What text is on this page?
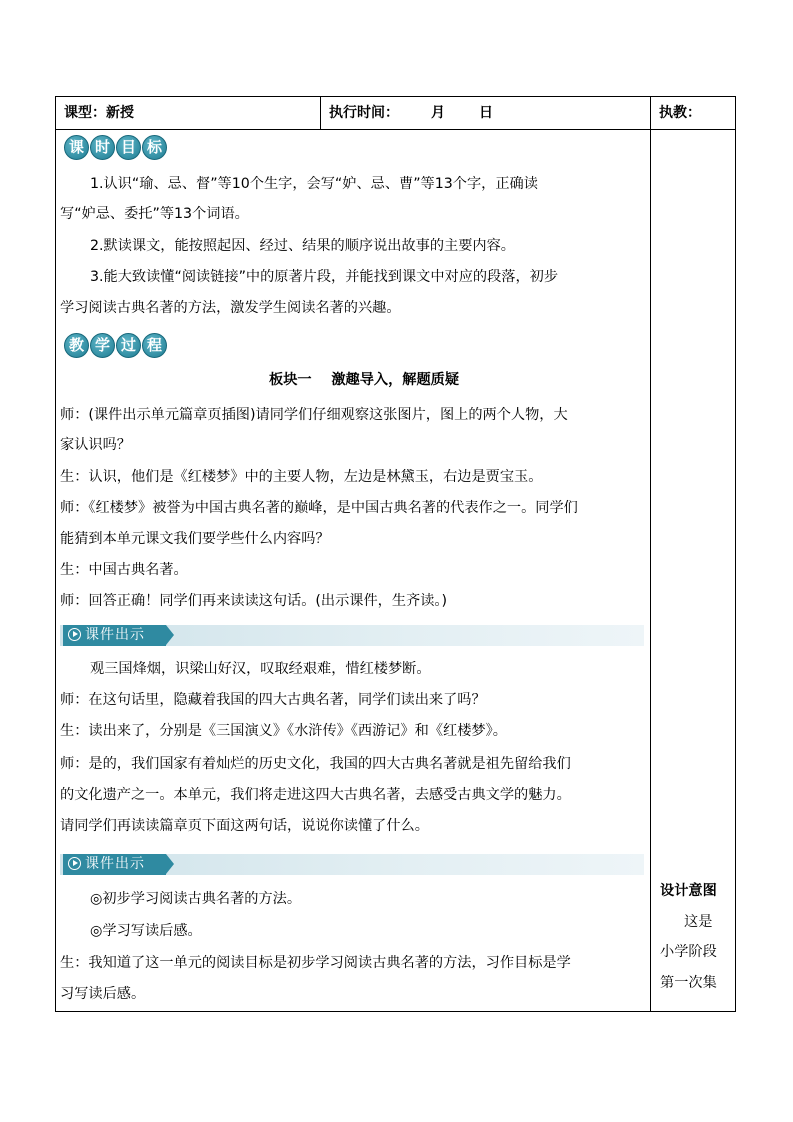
课型：新授	执行时间： 月 日	执教：
课 时 目 标
1.认识“瑜、忌、督”等10个生字，会写“妒、忌、曹”等13个字，正确读
写“妒忌、委托”等13个词语。
2.默读课文，能按照起因、经过、结果的顺序说出故事的主要内容。
3.能大致读懂“阅读链接”中的原著片段，并能找到课文中对应的段落，初步
学习阅读古典名著的方法，激发学生阅读名著的兴趣。
教 学 过 程
板块一    激趣导入，解题质疑
师：(课件出示单元篇章页插图)请同学们仔细观察这张图片，图上的两个人物，大
家认识吗？
生：认识，他们是《红楼梦》中的主要人物，左边是林黛玉，右边是贾宝玉。
师：《红楼梦》被誉为中国古典名著的巅峰，是中国古典名著的代表作之一。同学们
能猜到本单元课文我们要学些什么内容吗？
生：中国古典名著。
师：回答正确！同学们再来读读这句话。(出示课件，生齐读。)
课件出示
观三国烽烟，识梁山好汉，叹取经艰难，惜红楼梦断。
师：在这句话里，隐藏着我国的四大古典名著，同学们读出来了吗？
生：读出来了，分别是《三国演义》《水浒传》《西游记》和《红楼梦》。
师：是的，我们国家有着灿烂的历史文化，我国的四大古典名著就是祖先留给我们
的文化遗产之一。本单元，我们将走进这四大古典名著，去感受古典文学的魅力。
请同学们再读读篇章页下面这两句话，说说你读懂了什么。
课件出示
◎初步学习阅读古典名著的方法。
◎学习写读后感。
生：我知道了这一单元的阅读目标是初步学习阅读古典名著的方法，习作目标是学
习写读后感。
设计意图
这是
小学阶段
第一次集
